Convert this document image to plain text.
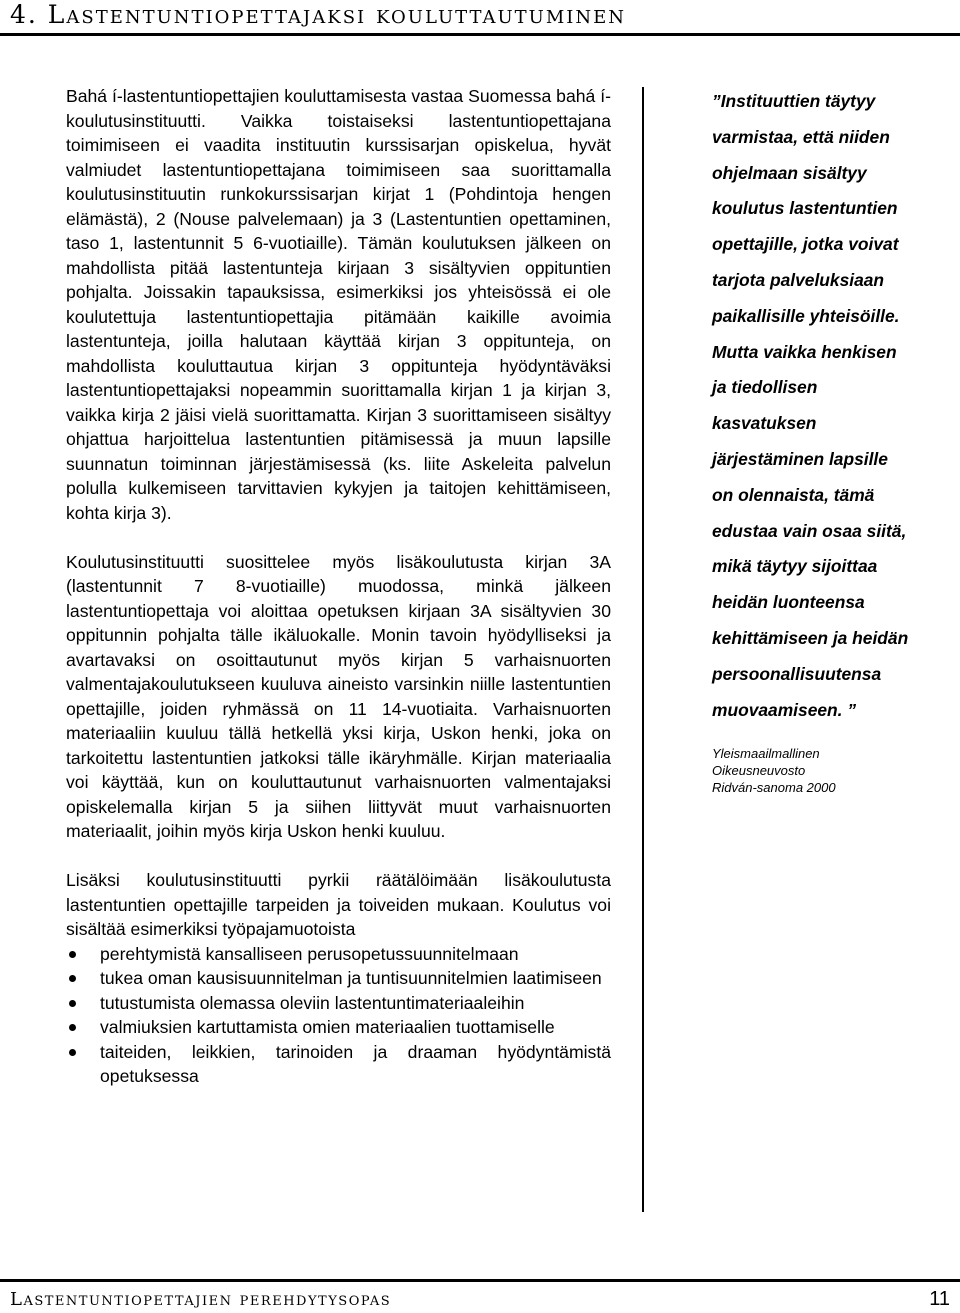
4. Lastentuntiopettajaksi kouluttautuminen

Bahá í-lastentuntiopettajien kouluttamisesta vastaa Suomessa bahá í-koulutusinstituutti. Vaikka toistaiseksi lastentuntiopettajana toimimiseen ei vaadita instituutin kurssisarjan opiskelua, hyvät valmiudet lastentuntiopettajana toimimiseen saa suorittamalla koulutusinstituutin runkokurssisarjan kirjat 1 (Pohdintoja hengen elämästä), 2 (Nouse palvelemaan) ja 3 (Lastentuntien opettaminen, taso 1, lastentunnit 5 6-vuotiaille). Tämän koulutuksen jälkeen on mahdollista pitää lastentunteja kirjaan 3 sisältyvien oppituntien pohjalta. Joissakin tapauksissa, esimerkiksi jos yhteisössä ei ole koulutettuja lastentuntiopettajia pitämään kaikille avoimia lastentunteja, joilla halutaan käyttää kirjan 3 oppitunteja, on mahdollista kouluttautua kirjan 3 oppitunteja hyödyntäväksi lastentuntiopettajaksi nopeammin suorittamalla kirjan 1 ja kirjan 3, vaikka kirja 2 jäisi vielä suorittamatta. Kirjan 3 suorittamiseen sisältyy ohjattua harjoittelua lastentuntien pitämisessä ja muun lapsille suunnatun toiminnan järjestämisessä (ks. liite Askeleita palvelun polulla kulkemiseen tarvittavien kykyjen ja taitojen kehittämiseen, kohta kirja 3).

Koulutusinstituutti suosittelee myös lisäkoulutusta kirjan 3A (lastentunnit 7 8-vuotiaille) muodossa, minkä jälkeen lastentuntiopettaja voi aloittaa opetuksen kirjaan 3A sisältyvien 30 oppitunnin pohjalta tälle ikäluokalle. Monin tavoin hyödylliseksi ja avartavaksi on osoittautunut myös kirjan 5 varhaisnuorten valmentajakoulutukseen kuuluva aineisto varsinkin niille lastentuntien opettajille, joiden ryhmässä on 11 14-vuotiaita. Varhaisnuorten materiaaliin kuuluu tällä hetkellä yksi kirja, Uskon henki, joka on tarkoitettu lastentuntien jatkoksi tälle ikäryhmälle. Kirjan materiaalia voi käyttää, kun on kouluttautunut varhaisnuorten valmentajaksi opiskelemalla kirjan 5 ja siihen liittyvät muut varhaisnuorten materiaalit, joihin myös kirja Uskon henki kuuluu.

Lisäksi koulutusinstituutti pyrkii räätälöimään lisäkoulutusta lastentuntien opettajille tarpeiden ja toiveiden mukaan. Koulutus voi sisältää esimerkiksi työpajamuotoista

perehtymistä kansalliseen perusopetussuunnitelmaan
tukea oman kausisuunnitelman ja tuntisuunnitelmien laatimiseen
tutustumista olemassa oleviin lastentuntimateriaaleihin
valmiuksien kartuttamista omien materiaalien tuottamiselle
taiteiden, leikkien, tarinoiden ja draaman hyödyntämistä opetuksessa
”Instituuttien täytyy
varmistaa, että niiden
ohjelmaan sisältyy
koulutus lastentuntien
opettajille, jotka voivat
tarjota palveluksiaan
paikallisille yhteisöille.
Mutta vaikka henkisen
ja tiedollisen
kasvatuksen
järjestäminen lapsille
on olennaista, tämä
edustaa vain osaa siitä,
mikä täytyy sijoittaa
heidän luonteensa
kehittämiseen ja heidän
persoonallisuutensa
muovaamiseen. ”
Yleismaailmallinen
Oikeusneuvosto
Ridván-sanoma 2000
Lastentuntiopettajien perehdytysopas	11
